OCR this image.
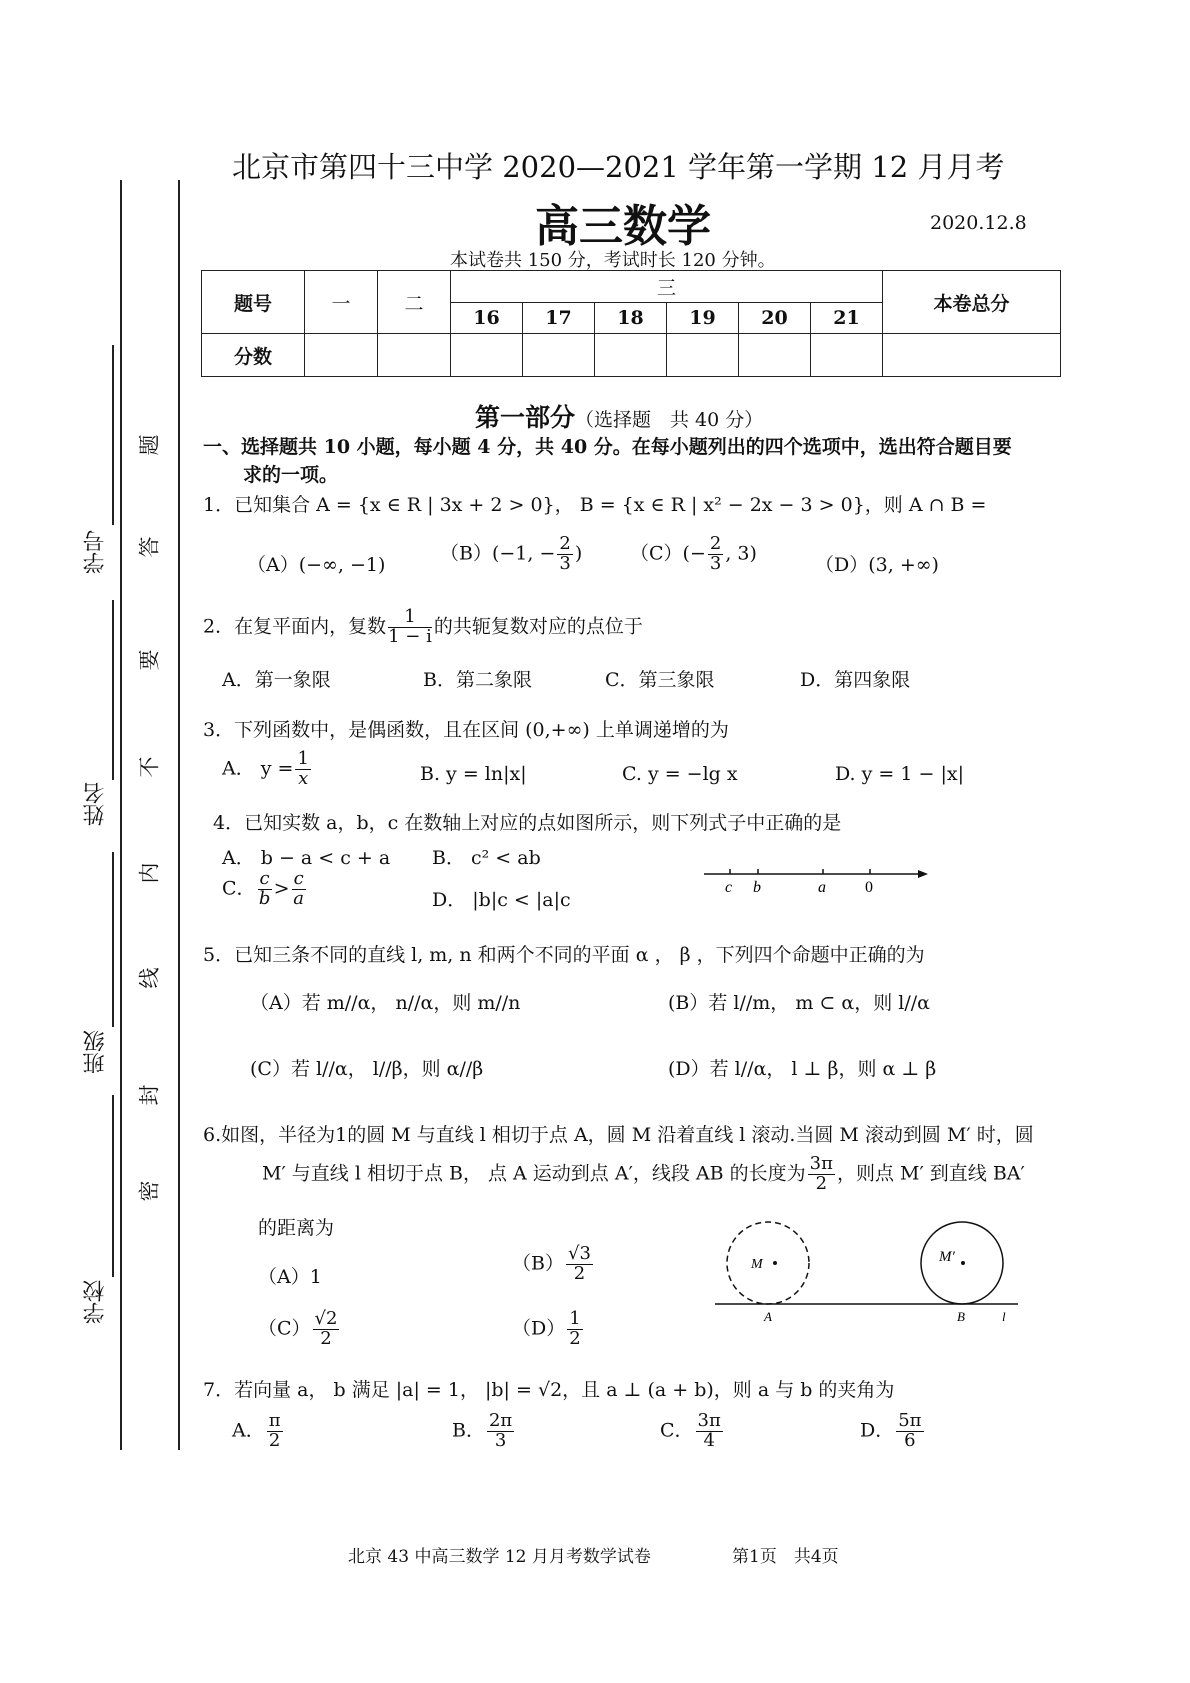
学号
姓名
班级
学校
题
答
要
不
内
线
封
密
北京市第四十三中学 2020—2021 学年第一学期 12 月月考
高三数学	2020.12.8
本试卷共 150 分，考试时长 120 分钟。
题号	一	二	三						本卷总分
			16	17	18	19	20	21	
分数									
第一部分（选择题　共 40 分）
一、选择题共 10 小题，每小题 4 分，共 40 分。在每小题列出的四个选项中，选出符合题目要
求的一项。
1．已知集合 A = {x ∈ R | 3x + 2 > 0}， B = {x ∈ R | x² − 2x − 3 > 0}，则 A ∩ B =
（A）(−∞, −1)
（B）(−1, − $\frac{2}{3}$ )	$(C)(- \frac{2}{3}$ , 3)
（D）(3, +∞)
2．在复平面内，复数 $\frac{1}{1 - i}$ 的共轭复数对应的点位于
A．第一象限	B．第二象限	C．第三象限	D．第四象限
3．下列函数中，是偶函数，且在区间 (0,+∞) 上单调递增的为
A． $y = \frac{1}{x}$	B. y = ln|x|	C. y = −lg x	D. y = 1 − |x|
4．已知实数 a，b，c 在数轴上对应的点如图所示，则下列式子中正确的是
A． b − a < c + a B． c² < ab
C． $\frac{c}{b} > \frac{c}{a}$	D． |b|c < |a|c
c b	a 0
5．已知三条不同的直线 l, m, n 和两个不同的平面 α ， β ，下列四个命题中正确的为
（A）若 m//α， n//α，则 m//n	(B）若 l//m， m ⊂ α，则 l//α
(C）若 l//α， l//β，则 α//β	(D）若 l//α， l ⊥ β，则 α ⊥ β
6.如图，半径为1的圆 M 与直线 l 相切于点 A，圆 M 沿着直线 l 滚动.当圆 M 滚动到圆 M′ 时，圆
M′ 与直线 l 相切于点 B， 点 A 运动到点 A′，线段 AB 的长度为 $\frac{3\pi}{2}$ ，则点 M′ 到直线 BA′
的距离为
（A）1
$(B) \frac{√3}{2}$
$(C) \frac{√2}{2}$	$(D) \frac{1}{2}$
M
A
M′
B	l
7．若向量 a， b 满足 |a| = 1， |b| = √2，且 a ⊥ (a + b)，则 a 与 b 的夹角为
A． $\frac{\pi}{2}$	B． $\frac{2\pi}{3}$	C． $\frac{3\pi}{4}$	D． $\frac{5\pi}{6}$
北京 43 中高三数学 12 月月考数学试卷	第1页　共4页
